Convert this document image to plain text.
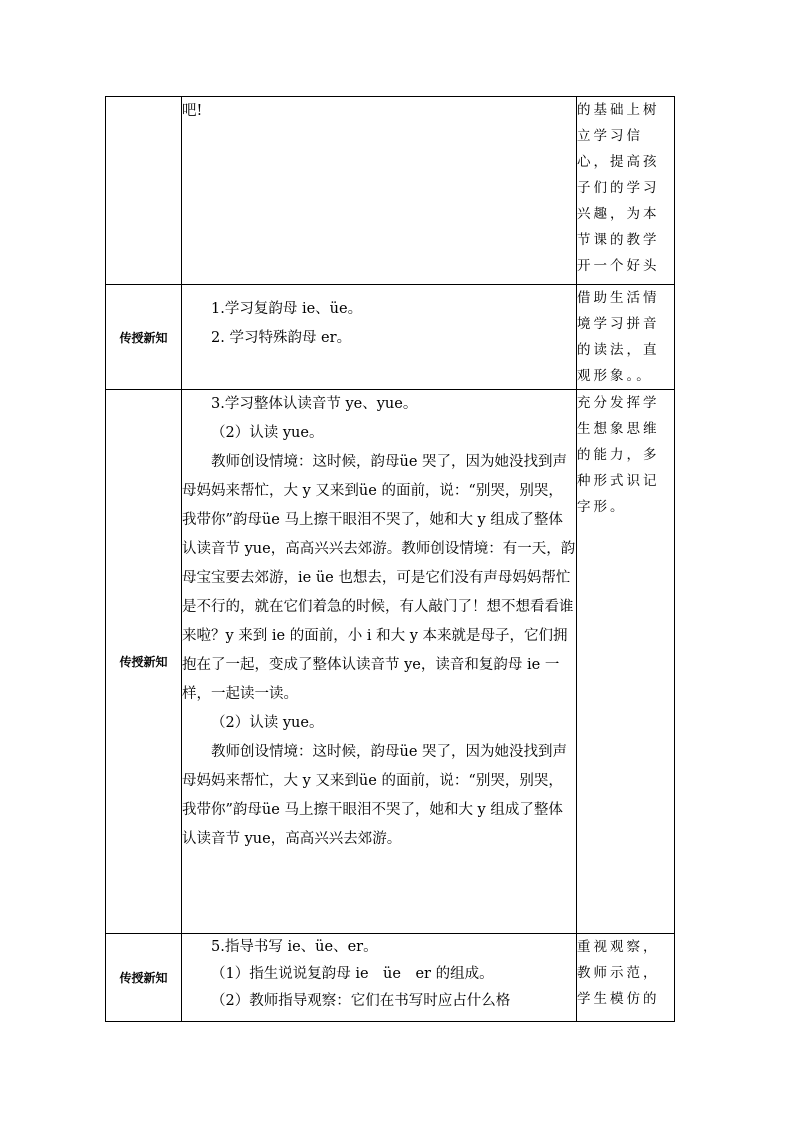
	吧!	的基础上树立学习信心，提高孩子们的学习兴趣，为本节课的教学开一个好头
传授新知	1.学习复韵母 ie、üe。

2. 学习特殊韵母 er。	借助生活情境学习拼音的读法，直观形象。。
传授新知	3.学习整体认读音节 ye、yue。

（2）认读 yue。

教师创设情境：这时候，韵母üe 哭了，因为她没找到声母妈妈来帮忙，大 y 又来到üe 的面前，说：“别哭，别哭，我带你”韵母üe 马上擦干眼泪不哭了，她和大 y 组成了整体认读音节 yue，高高兴兴去郊游。教师创设情境：有一天，韵母宝宝要去郊游，ie üe 也想去，可是它们没有声母妈妈帮忙是不行的，就在它们着急的时候，有人敲门了！想不想看看谁来啦？y 来到 ie 的面前，小 i 和大 y 本来就是母子，它们拥抱在了一起，变成了整体认读音节 ye，读音和复韵母 ie 一样，一起读一读。

（2）认读 yue。

教师创设情境：这时候，韵母üe 哭了，因为她没找到声母妈妈来帮忙，大 y 又来到üe 的面前，说：“别哭，别哭，我带你”韵母üe 马上擦干眼泪不哭了，她和大 y 组成了整体认读音节 yue，高高兴兴去郊游。	充分发挥学生想象思维的能力，多种形式识记字形。
传授新知	5.指导书写 ie、üe、er。

（1）指生说说复韵母 ie　üe　er 的组成。

（2）教师指导观察：它们在书写时应占什么格	重视观察，教师示范，学生模仿的
